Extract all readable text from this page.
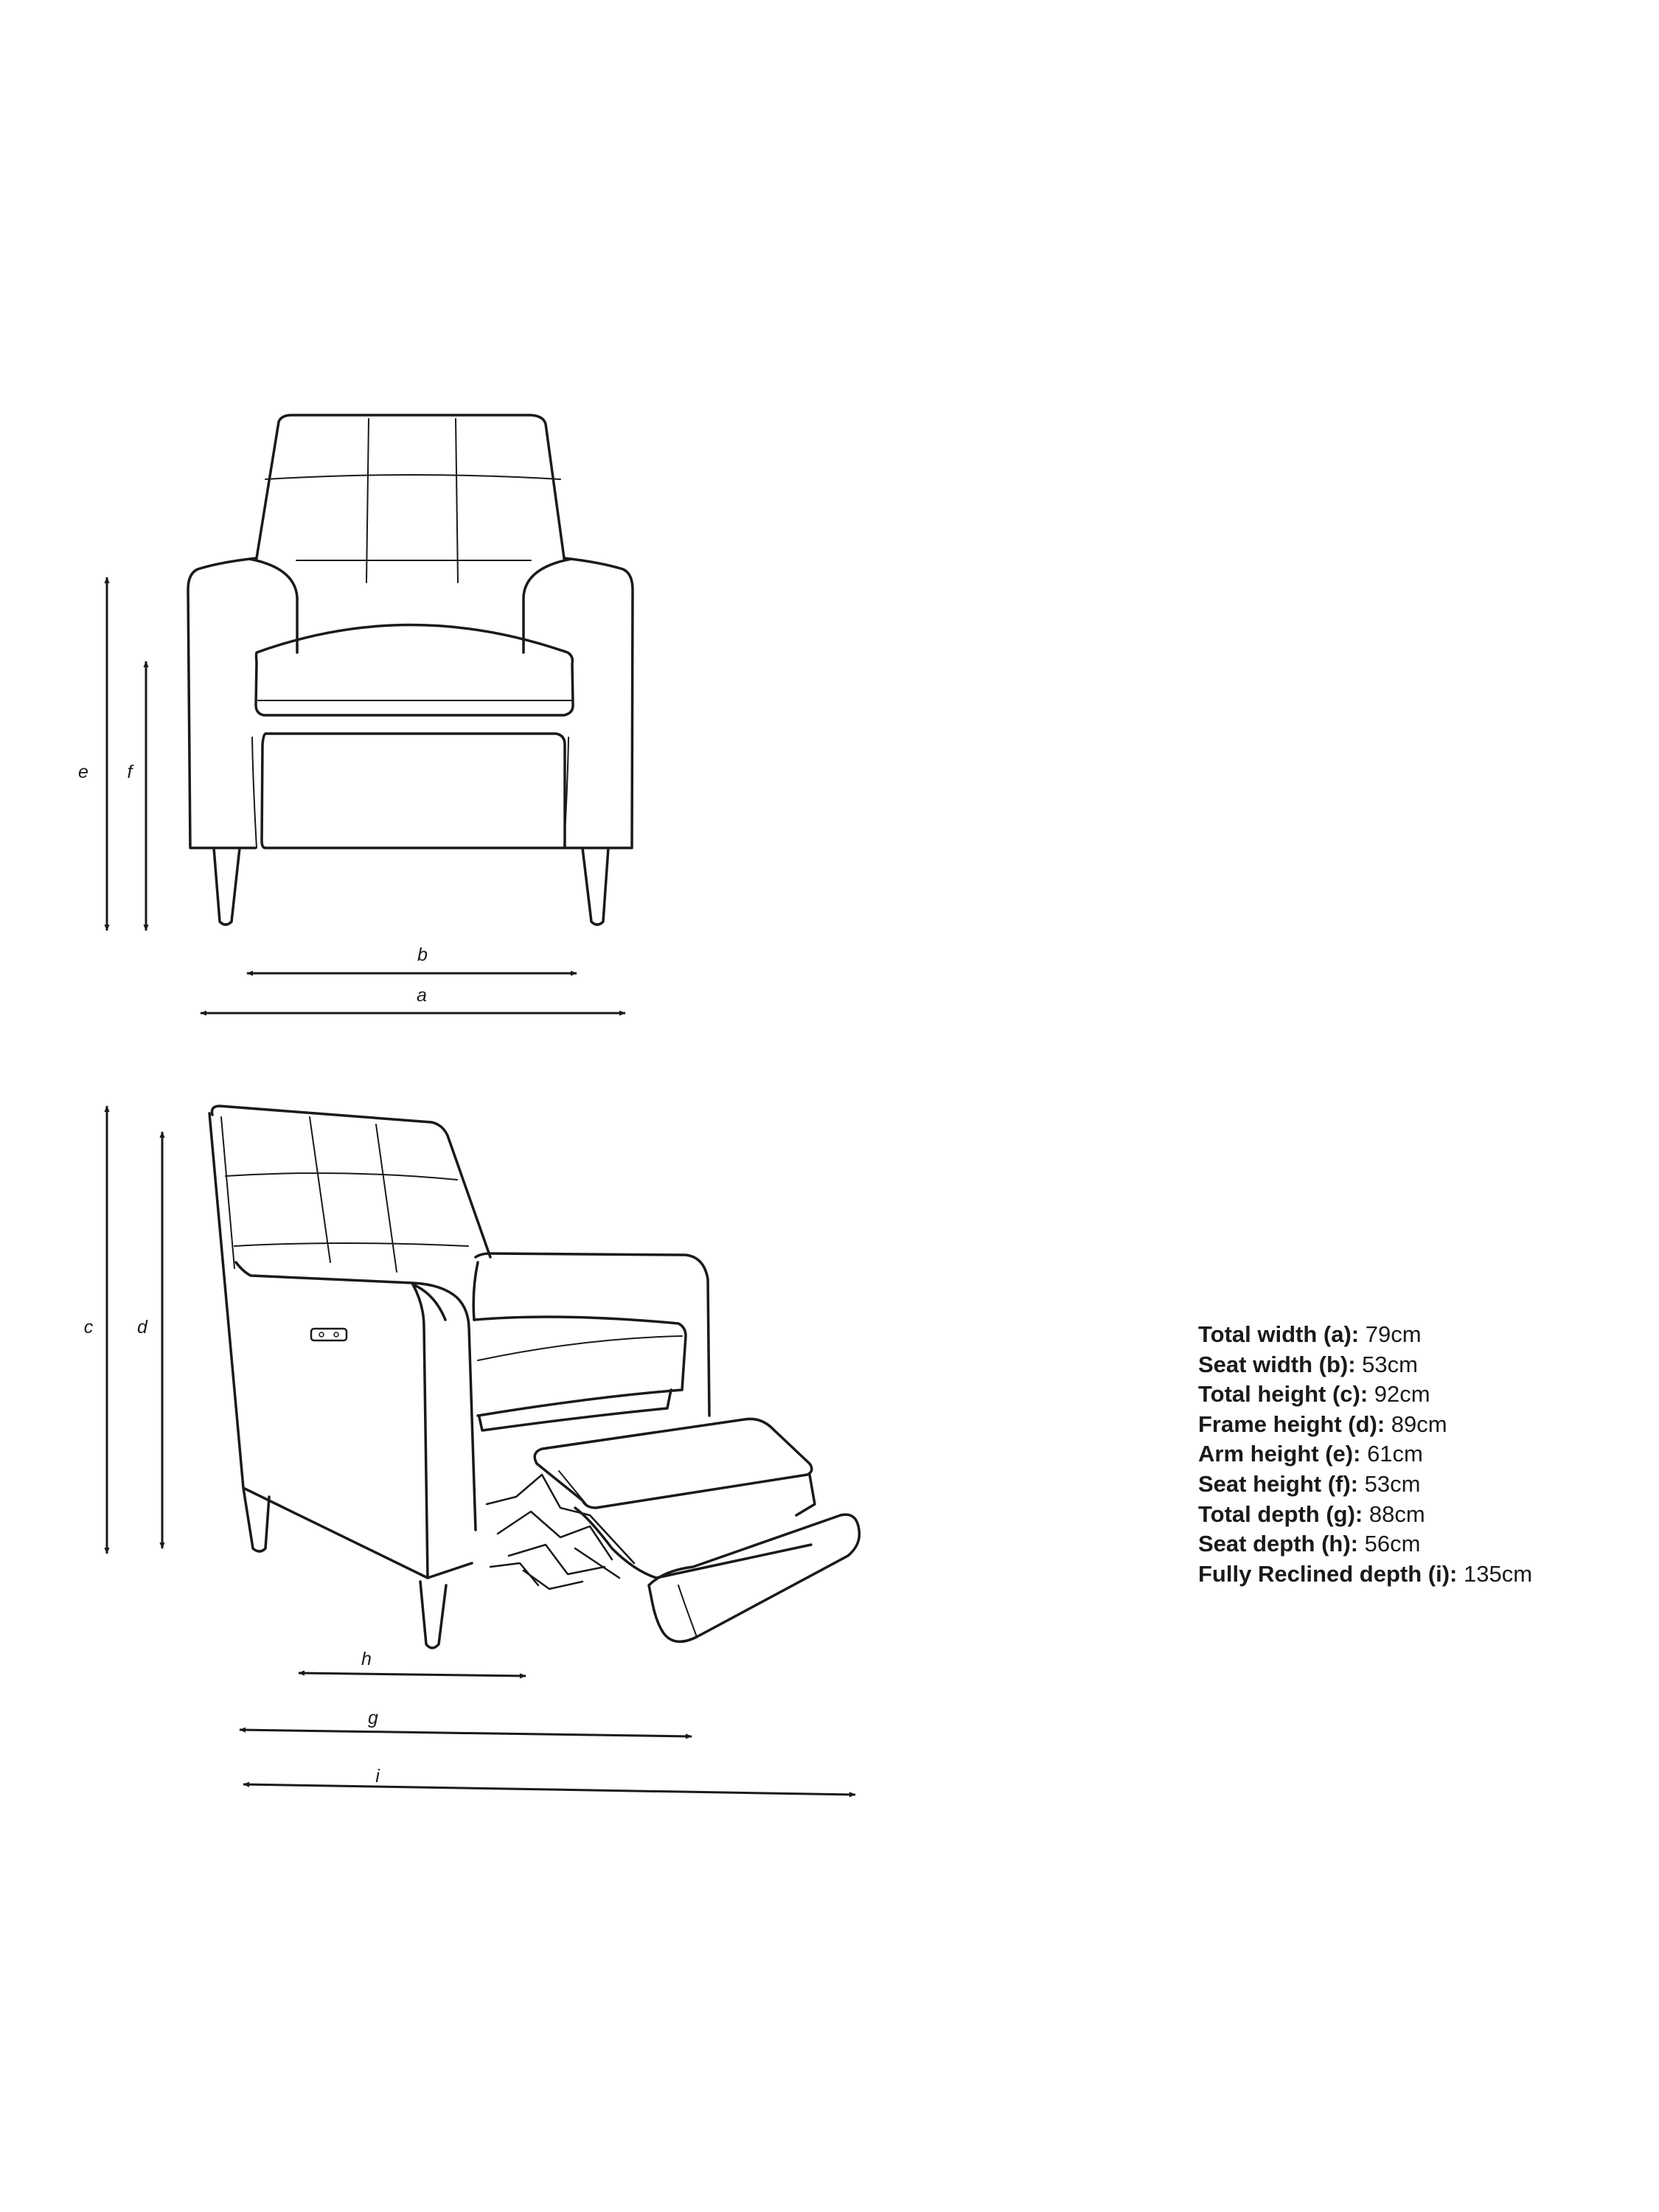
e f
b
a
c d
h
g
i
Total width (a): 79cm
Seat width (b): 53cm
Total height (c): 92cm
Frame height (d): 89cm
Arm height (e): 61cm
Seat height (f): 53cm
Total depth (g): 88cm
Seat depth (h): 56cm
Fully Reclined depth (i): 135cm
